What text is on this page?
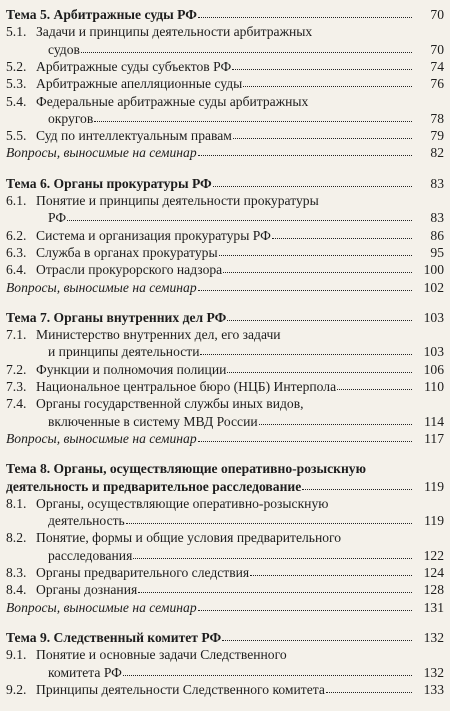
Тема 5. Арбитражные суды РФ	70
5.1. Задачи и принципы деятельности арбитражных
судов	70
5.2. Арбитражные суды субъектов РФ	74
5.3. Арбитражные апелляционные суды	76
5.4. Федеральные арбитражные суды арбитражных
округов	78
5.5. Суд по интеллектуальным правам	79
Вопросы, выносимые на семинар	82
Тема 6. Органы прокуратуры РФ	83
6.1. Понятие и принципы деятельности прокуратуры
РФ	83
6.2. Система и организация прокуратуры РФ	86
6.3. Служба в органах прокуратуры	95
6.4. Отрасли прокурорского надзора	100
Вопросы, выносимые на семинар	102
Тема 7. Органы внутренних дел РФ	103
7.1. Министерство внутренних дел, его задачи
и принципы деятельности	103
7.2. Функции и полномочия полиции	106
7.3. Национальное центральное бюро (НЦБ) Интерпола	110
7.4. Органы государственной службы иных видов,
включенные в систему МВД России	114
Вопросы, выносимые на семинар	117
Тема 8. Органы, осуществляющие оперативно-розыскную
деятельность и предварительное расследование	119
8.1. Органы, осуществляющие оперативно-розыскную
деятельность	119
8.2. Понятие, формы и общие условия предварительного
расследования	122
8.3. Органы предварительного следствия	124
8.4. Органы дознания	128
Вопросы, выносимые на семинар	131
Тема 9. Следственный комитет РФ	132
9.1. Понятие и основные задачи Следственного
комитета РФ	132
9.2. Принципы деятельности Следственного комитета	133
